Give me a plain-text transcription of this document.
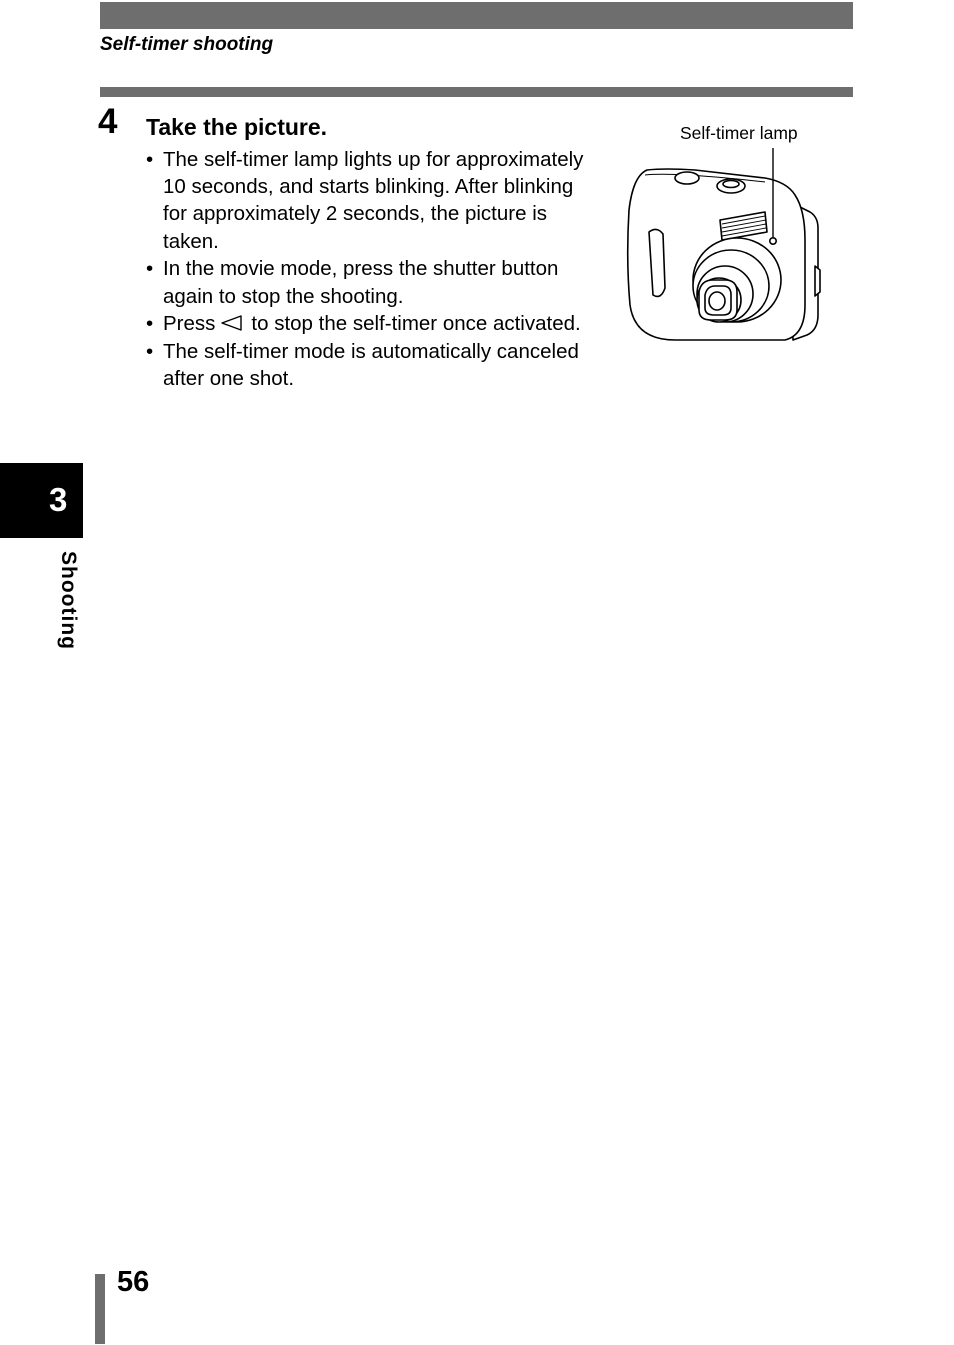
Self-timer shooting
4 Take the picture.
• The self-timer lamp lights up for approximately 10 seconds, and starts blinking. After blinking for approximately 2 seconds, the picture is taken.
• In the movie mode, press the shutter button again to stop the shooting.
• Press to stop the self-timer once activated.
• The self-timer mode is automatically canceled after one shot.
Self-timer lamp
3
Shooting
56
